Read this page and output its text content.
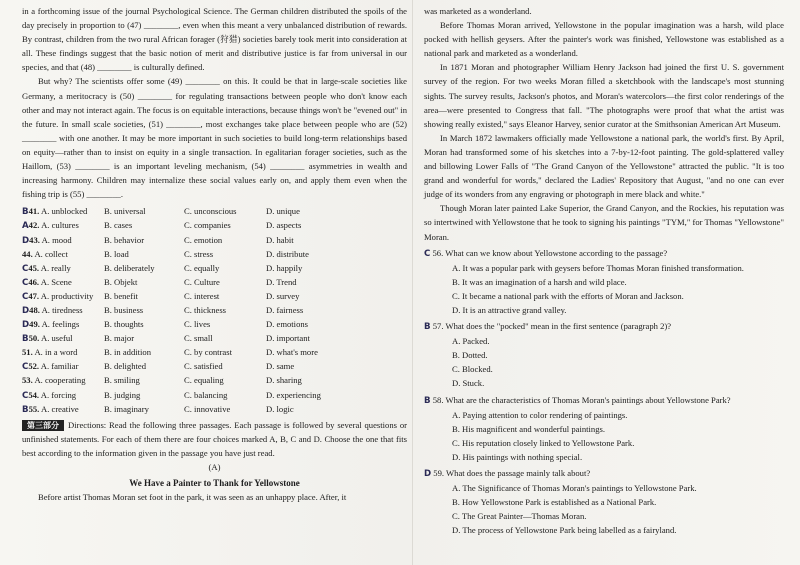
in a forthcoming issue of the journal Psychological Science. The German children distributed the spoils of the day precisely in proportion to (47) ________, even when this meant a very unbalanced distribution of rewards. By contrast, children from the two rural African forager (狩猎) societies barely took merit into consideration at all. These findings suggest that the basic notion of merit and distributive justice is far from universal in our species, and that (48) ________ is culturally defined.

But why? The scientists offer some (49) ________ on this. It could be that in large-scale societies like Germany, a meritocracy is (50) ________ for regulating transactions between people who don't know each other and may not interact again. The focus is on equitable interactions, because things won't be "evened out" in the future. In small scale societies, (51) ________, most exchanges take place between people who are (52) ________ with one another. It may be more important in such societies to build long-term relationships based on equity—rather than to insist on equity in a single transaction. In egalitarian forager societies, such as the Haillom, (53) ________ is an important leveling mechanism, (54) ________ asymmetries in wealth and increasing harmony. Children may internalize these social values early on, and apply them even when the fishing trip is (55) ________.

B41. A. unblocked	B. universal	C. unconscious	D. unique
A42. A. cultures	B. cases	C. companies	D. aspects
D43. A. mood	B. behavior	C. emotion	D. habit
44. A. collect	B. load	C. stress	D. distribute
C45. A. really	B. deliberately	C. equally	D. happily
C46. A. Scene	B. Objekt	C. Culture	D. Trend
C47. A. productivity	B. benefit	C. interest	D. survey
D48. A. tiredness	B. business	C. thickness	D. fairness
D49. A. feelings	B. thoughts	C. lives	D. emotions
B50. A. useful	B. major	C. small	D. important
51. A. in a word	B. in addition	C. by contrast	D. what's more
C52. A. familiar	B. delighted	C. satisfied	D. same
53. A. cooperating	B. smiling	C. equaling	D. sharing
C54. A. forcing	B. judging	C. balancing	D. experiencing
B55. A. creative	B. imaginary	C. innovative	D. logic

第三部分 Directions: Read the following three passages. Each passage is followed by several questions or unfinished statements. For each of them there are four choices marked A, B, C and D. Choose the one that fits best according to the information given in the passage you have just read.

(A)
We Have a Painter to Thank for Yellowstone

Before artist Thomas Moran set foot in the park, it was seen as an unhappy place. After, it

was marketed as a wonderland.

Before Thomas Moran arrived, Yellowstone in the popular imagination was a harsh, wild place pocked with hellish geysers. After the painter's work was finished, Yellowstone was established as a national park and marketed as a wonderland.

In 1871 Moran and photographer William Henry Jackson had joined the first U. S. government survey of the region. For two weeks Moran filled a sketchbook with the landscape's most stunning sights. The survey results, Jackson's photos, and Moran's watercolors—the first color renderings of the area—were presented to Congress that fall. "The photographs were proof that what the artist was showing really existed," says Eleanor Harvey, senior curator at the Smithsonian American Art Museum.

In March 1872 lawmakers officially made Yellowstone a national park, the world's first. By April, Moran had transformed some of his sketches into a 7-by-12-foot painting. The gold-splattered valley and billowing Lower Falls of "The Grand Canyon of the Yellowstone" attracted the public. "It is too grand and wonderful for words," declared the Ladies' Repository that August, "and no one can ever judge of its wonders from any engraving or photograph in mere black and white."

Though Moran later painted Lake Superior, the Grand Canyon, and the Rockies, his reputation was so intertwined with Yellowstone that he took to signing his paintings "TYM," for Thomas "Yellowstone" Moran.

C 56. What can we know about Yellowstone according to the passage?
A. It was a popular park with geysers before Thomas Moran finished transformation.
B. It was an imagination of a harsh and wild place.
C. It became a national park with the efforts of Moran and Jackson.
D. It is an attractive grand valley.
B 57. What does the "pocked" mean in the first sentence (paragraph 2)?
A. Packed.
B. Dotted.
C. Blocked.
D. Stuck.
B 58. What are the characteristics of Thomas Moran's paintings about Yellowstone Park?
A. Paying attention to color rendering of paintings.
B. His magnificent and wonderful paintings.
C. His reputation closely linked to Yellowstone Park.
D. His paintings with nothing special.
D 59. What does the passage mainly talk about?
A. The Significance of Thomas Moran's paintings to Yellowstone Park.
B. How Yellowstone Park is established as a National Park.
C. The Great Painter—Thomas Moran.
D. The process of Yellowstone Park being labelled as a fairyland.
